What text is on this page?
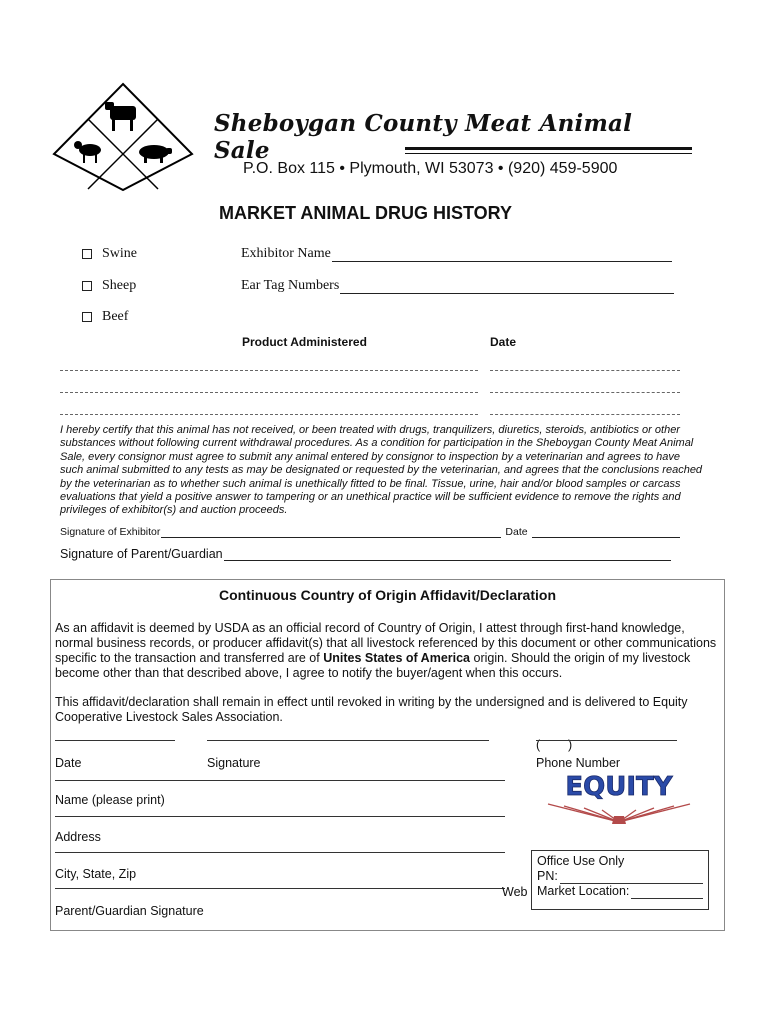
Sheboygan County Meat Animal Sale
P.O. Box 115 • Plymouth, WI 53073 • (920) 459-5900
MARKET ANIMAL DRUG HISTORY
Swine
Sheep
Beef
Exhibitor Name
Ear Tag Numbers
Product Administered	Date
I hereby certify that this animal has not received, or been treated with drugs, tranquilizers, diuretics, steroids, antibiotics or other substances without following current withdrawal procedures. As a condition for participation in the Sheboygan County Meat Animal Sale, every consignor must agree to submit any animal entered by consignor to inspection by a veterinarian and agrees to have such animal submitted to any tests as may be designated or requested by the veterinarian, and agrees that the conclusions reached by the veterinarian as to whether such animal is unethically fitted to be final. Tissue, urine, hair and/or blood samples or carcass evaluations that yield a positive answer to tampering or an unethical practice will be sufficient evidence to remove the rights and privileges of exhibitor(s) and auction proceeds.
Signature of Exhibitor	Date
Signature of Parent/Guardian
Continuous Country of Origin Affidavit/Declaration
As an affidavit is deemed by USDA as an official record of Country of Origin, I attest through first-hand knowledge, normal business records, or producer affidavit(s) that all livestock referenced by this document or other communications specific to the transaction and transferred are of Unites States of America origin. Should the origin of my livestock become other than that described above, I agree to notify the buyer/agent when this occurs.
This affidavit/declaration shall remain in effect until revoked in writing by the undersigned and is delivered to Equity Cooperative Livestock Sales Association.
Date	Signature
(        )
Phone Number
Name (please print)
Address
City, State, Zip
Web
Parent/Guardian Signature
EQUITY
Office Use Only
PN:
Market Location:
